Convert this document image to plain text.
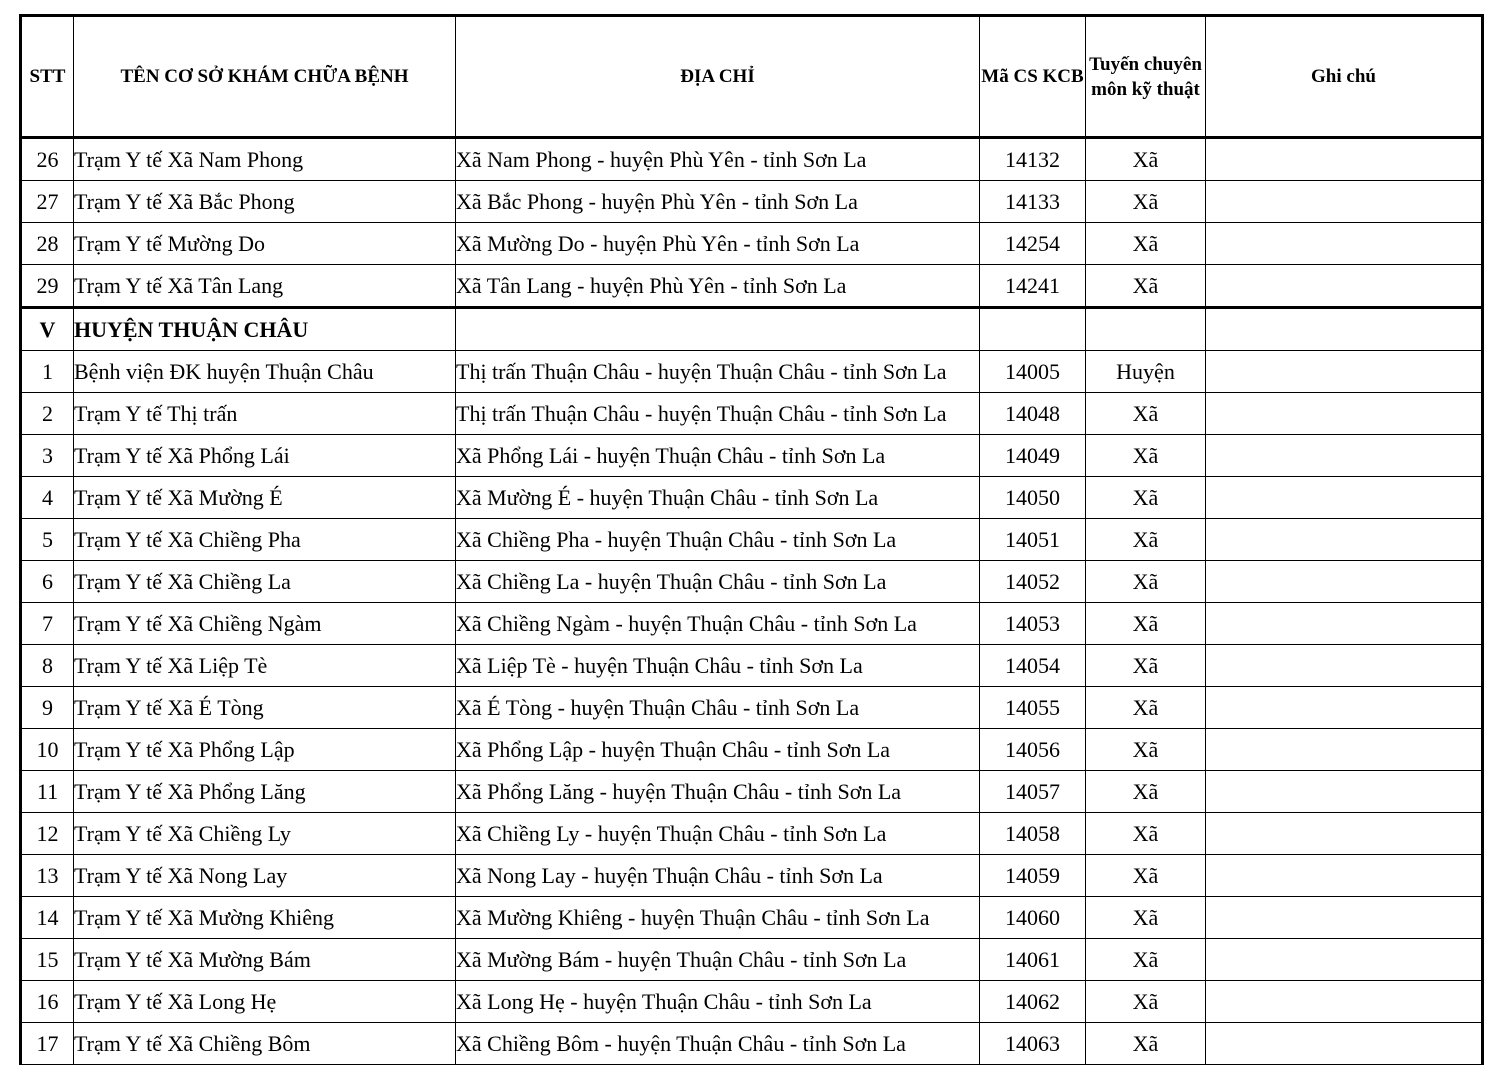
STT	TÊN CƠ SỞ KHÁM CHỮA BỆNH	ĐỊA CHỈ	Mã CS KCB	Tuyến chuyên môn kỹ thuật	Ghi chú
26	Trạm Y tế Xã Nam Phong	Xã Nam Phong - huyện Phù Yên - tỉnh Sơn La	14132	Xã	
27	Trạm Y tế Xã Bắc Phong	Xã Bắc Phong - huyện Phù Yên - tỉnh Sơn La	14133	Xã	
28	Trạm Y tế Mường Do	Xã Mường Do - huyện Phù Yên - tỉnh Sơn La	14254	Xã	
29	Trạm Y tế Xã Tân Lang	Xã Tân Lang - huyện Phù Yên - tỉnh Sơn La	14241	Xã	
V	HUYỆN THUẬN CHÂU				
1	Bệnh viện ĐK huyện Thuận Châu	Thị trấn Thuận Châu - huyện Thuận Châu - tỉnh Sơn La	14005	Huyện	
2	Trạm Y tế Thị trấn	Thị trấn Thuận Châu - huyện Thuận Châu - tỉnh Sơn La	14048	Xã	
3	Trạm Y tế Xã Phổng Lái	Xã Phổng Lái - huyện Thuận Châu - tỉnh Sơn La	14049	Xã	
4	Trạm Y tế Xã Mường É	Xã Mường É - huyện Thuận Châu - tỉnh Sơn La	14050	Xã	
5	Trạm Y tế Xã Chiềng Pha	Xã Chiềng Pha - huyện Thuận Châu - tỉnh Sơn La	14051	Xã	
6	Trạm Y tế Xã Chiềng La	Xã Chiềng La - huyện Thuận Châu - tỉnh Sơn La	14052	Xã	
7	Trạm Y tế Xã Chiềng Ngàm	Xã Chiềng Ngàm - huyện Thuận Châu - tỉnh Sơn La	14053	Xã	
8	Trạm Y tế Xã Liệp Tè	Xã Liệp Tè - huyện Thuận Châu - tỉnh Sơn La	14054	Xã	
9	Trạm Y tế Xã É Tòng	Xã É Tòng - huyện Thuận Châu - tỉnh Sơn La	14055	Xã	
10	Trạm Y tế Xã Phổng Lập	Xã Phổng Lập - huyện Thuận Châu - tỉnh Sơn La	14056	Xã	
11	Trạm Y tế Xã Phổng Lăng	Xã Phổng Lăng - huyện Thuận Châu - tỉnh Sơn La	14057	Xã	
12	Trạm Y tế Xã Chiềng Ly	Xã Chiềng Ly - huyện Thuận Châu - tỉnh Sơn La	14058	Xã	
13	Trạm Y tế Xã Nong Lay	Xã Nong Lay - huyện Thuận Châu - tỉnh Sơn La	14059	Xã	
14	Trạm Y tế Xã Mường Khiêng	Xã Mường Khiêng - huyện Thuận Châu - tỉnh Sơn La	14060	Xã	
15	Trạm Y tế Xã Mường Bám	Xã Mường Bám - huyện Thuận Châu - tỉnh Sơn La	14061	Xã	
16	Trạm Y tế Xã Long Hẹ	Xã Long Hẹ - huyện Thuận Châu - tỉnh Sơn La	14062	Xã	
17	Trạm Y tế Xã Chiềng Bôm	Xã Chiềng Bôm - huyện Thuận Châu - tỉnh Sơn La	14063	Xã	
